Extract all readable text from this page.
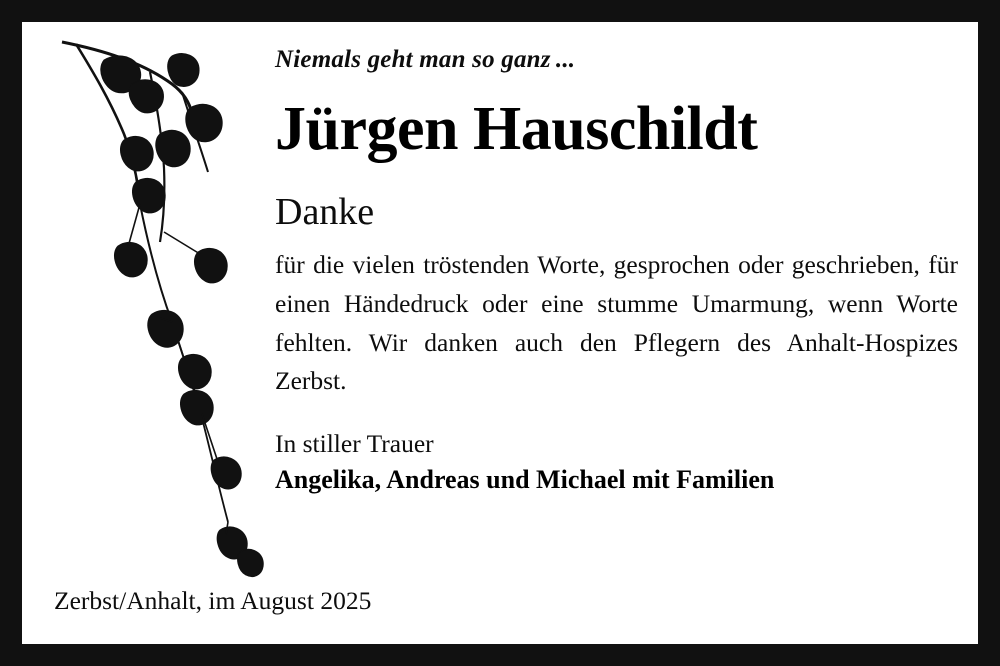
Niemals geht man so ganz ...
Jürgen Hauschildt
Danke
für die vielen tröstenden Worte, gesprochen oder geschrieben, für einen Händedruck oder eine stumme Umarmung, wenn Worte fehlten. Wir danken auch den Pflegern des Anhalt-Hospizes Zerbst.
In stiller Trauer
Angelika, Andreas und Michael mit Familien
Zerbst/Anhalt, im August 2025
